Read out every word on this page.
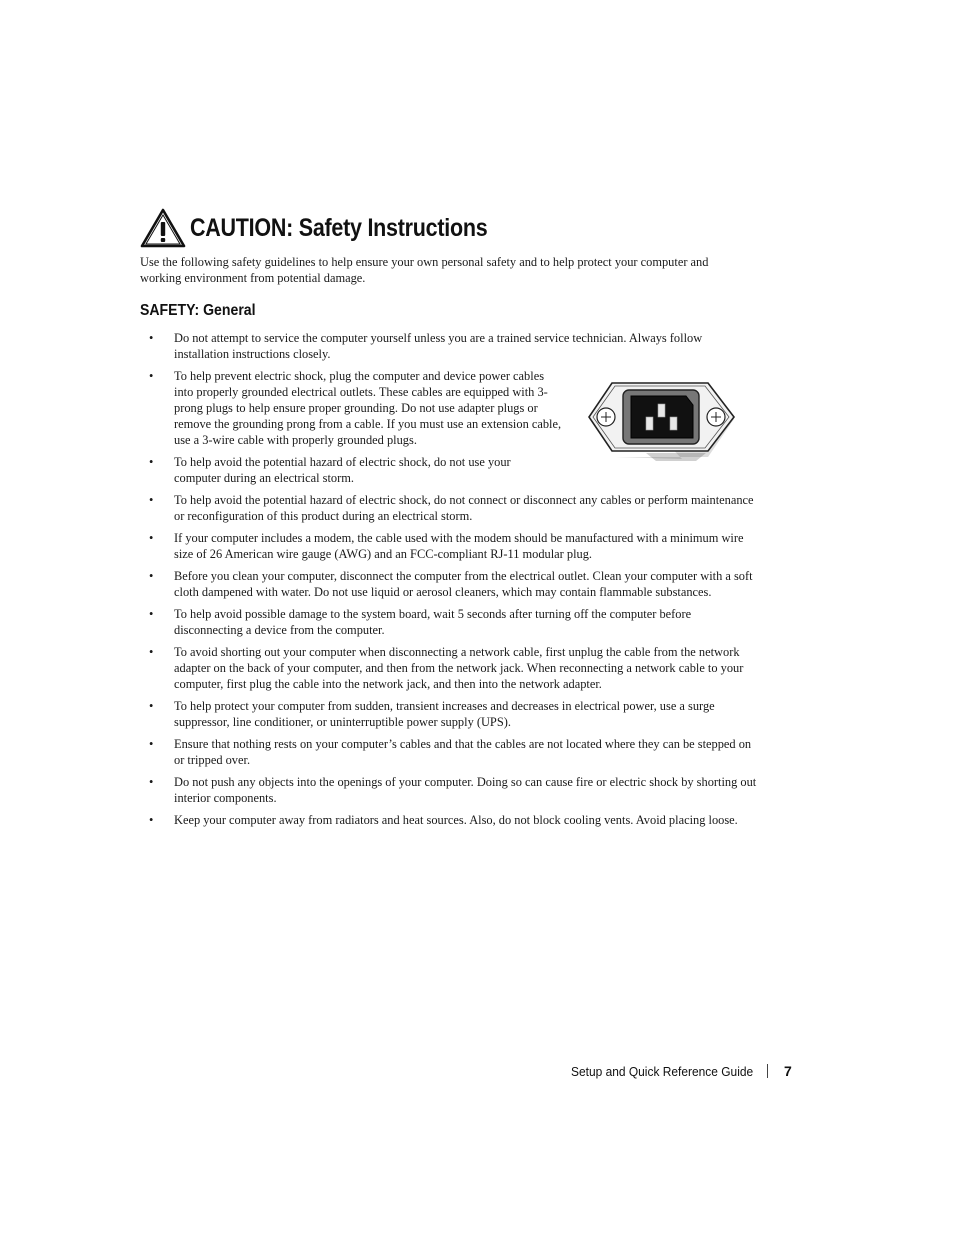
CAUTION: Safety Instructions

Use the following safety guidelines to help ensure your own personal safety and to help protect your computer and working environment from potential damage.

SAFETY: General
• Do not attempt to service the computer yourself unless you are a trained service technician. Always follow installation instructions closely.
• To help prevent electric shock, plug the computer and device power cables into properly grounded electrical outlets. These cables are equipped with 3-prong plugs to help ensure proper grounding. Do not use adapter plugs or remove the grounding prong from a cable. If you must use an extension cable, use a 3-wire cable with properly grounded plugs.
• To help avoid the potential hazard of electric shock, do not use your computer during an electrical storm.
• To help avoid the potential hazard of electric shock, do not connect or disconnect any cables or perform maintenance or reconfiguration of this product during an electrical storm.
• If your computer includes a modem, the cable used with the modem should be manufactured with a minimum wire size of 26 American wire gauge (AWG) and an FCC-compliant RJ-11 modular plug.
• Before you clean your computer, disconnect the computer from the electrical outlet. Clean your computer with a soft cloth dampened with water. Do not use liquid or aerosol cleaners, which may contain flammable substances.
• To help avoid possible damage to the system board, wait 5 seconds after turning off the computer before disconnecting a device from the computer.
• To avoid shorting out your computer when disconnecting a network cable, first unplug the cable from the network adapter on the back of your computer, and then from the network jack. When reconnecting a network cable to your computer, first plug the cable into the network jack, and then into the network adapter.
• To help protect your computer from sudden, transient increases and decreases in electrical power, use a surge suppressor, line conditioner, or uninterruptible power supply (UPS).
• Ensure that nothing rests on your computer’s cables and that the cables are not located where they can be stepped on or tripped over.
• Do not push any objects into the openings of your computer. Doing so can cause fire or electric shock by shorting out interior components.
• Keep your computer away from radiators and heat sources. Also, do not block cooling vents. Avoid placing loose.
Setup and Quick Reference Guide 7
